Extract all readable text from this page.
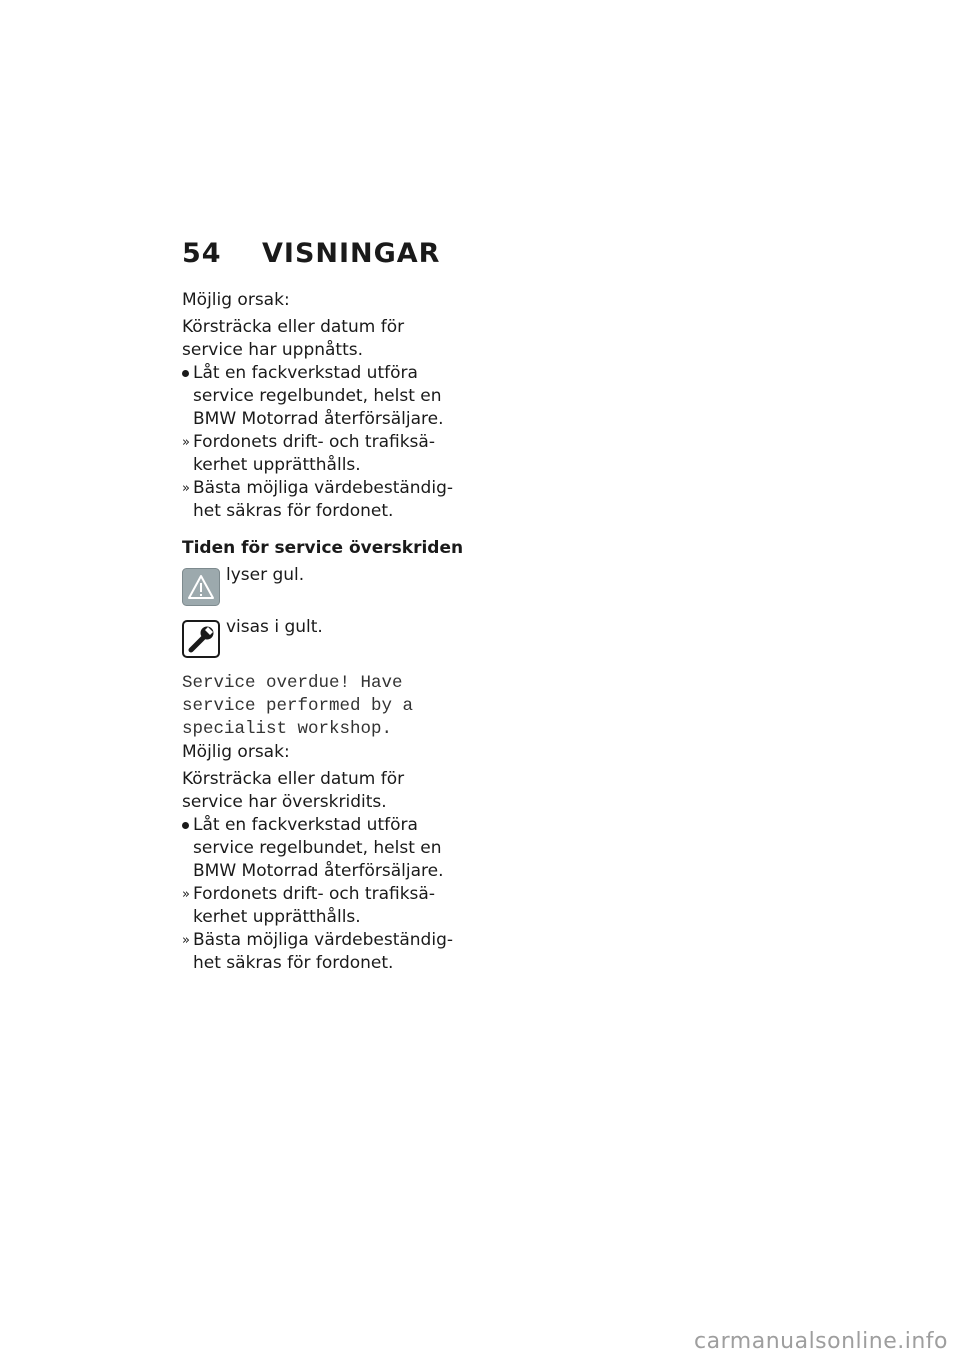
54 VISNINGAR

Möjlig orsak:

Körsträcka eller datum för

service har uppnåtts.

Låt en fackverkstad utföra

service regelbundet, helst en

BMW Motorrad återförsäljare.

» Fordonets drift- och trafiksä-

kerhet upprätthålls.

» Bästa möjliga värdebeständig-

het säkras för fordonet.

Tiden för service överskriden

lyser gul.
visas i gult.
Service overdue! Have
service performed by a
specialist workshop.

Möjlig orsak:

Körsträcka eller datum för

service har överskridits.

Låt en fackverkstad utföra

service regelbundet, helst en

BMW Motorrad återförsäljare.

» Fordonets drift- och trafiksä-

kerhet upprätthålls.

» Bästa möjliga värdebeständig-

het säkras för fordonet.

carmanualsonline.info
